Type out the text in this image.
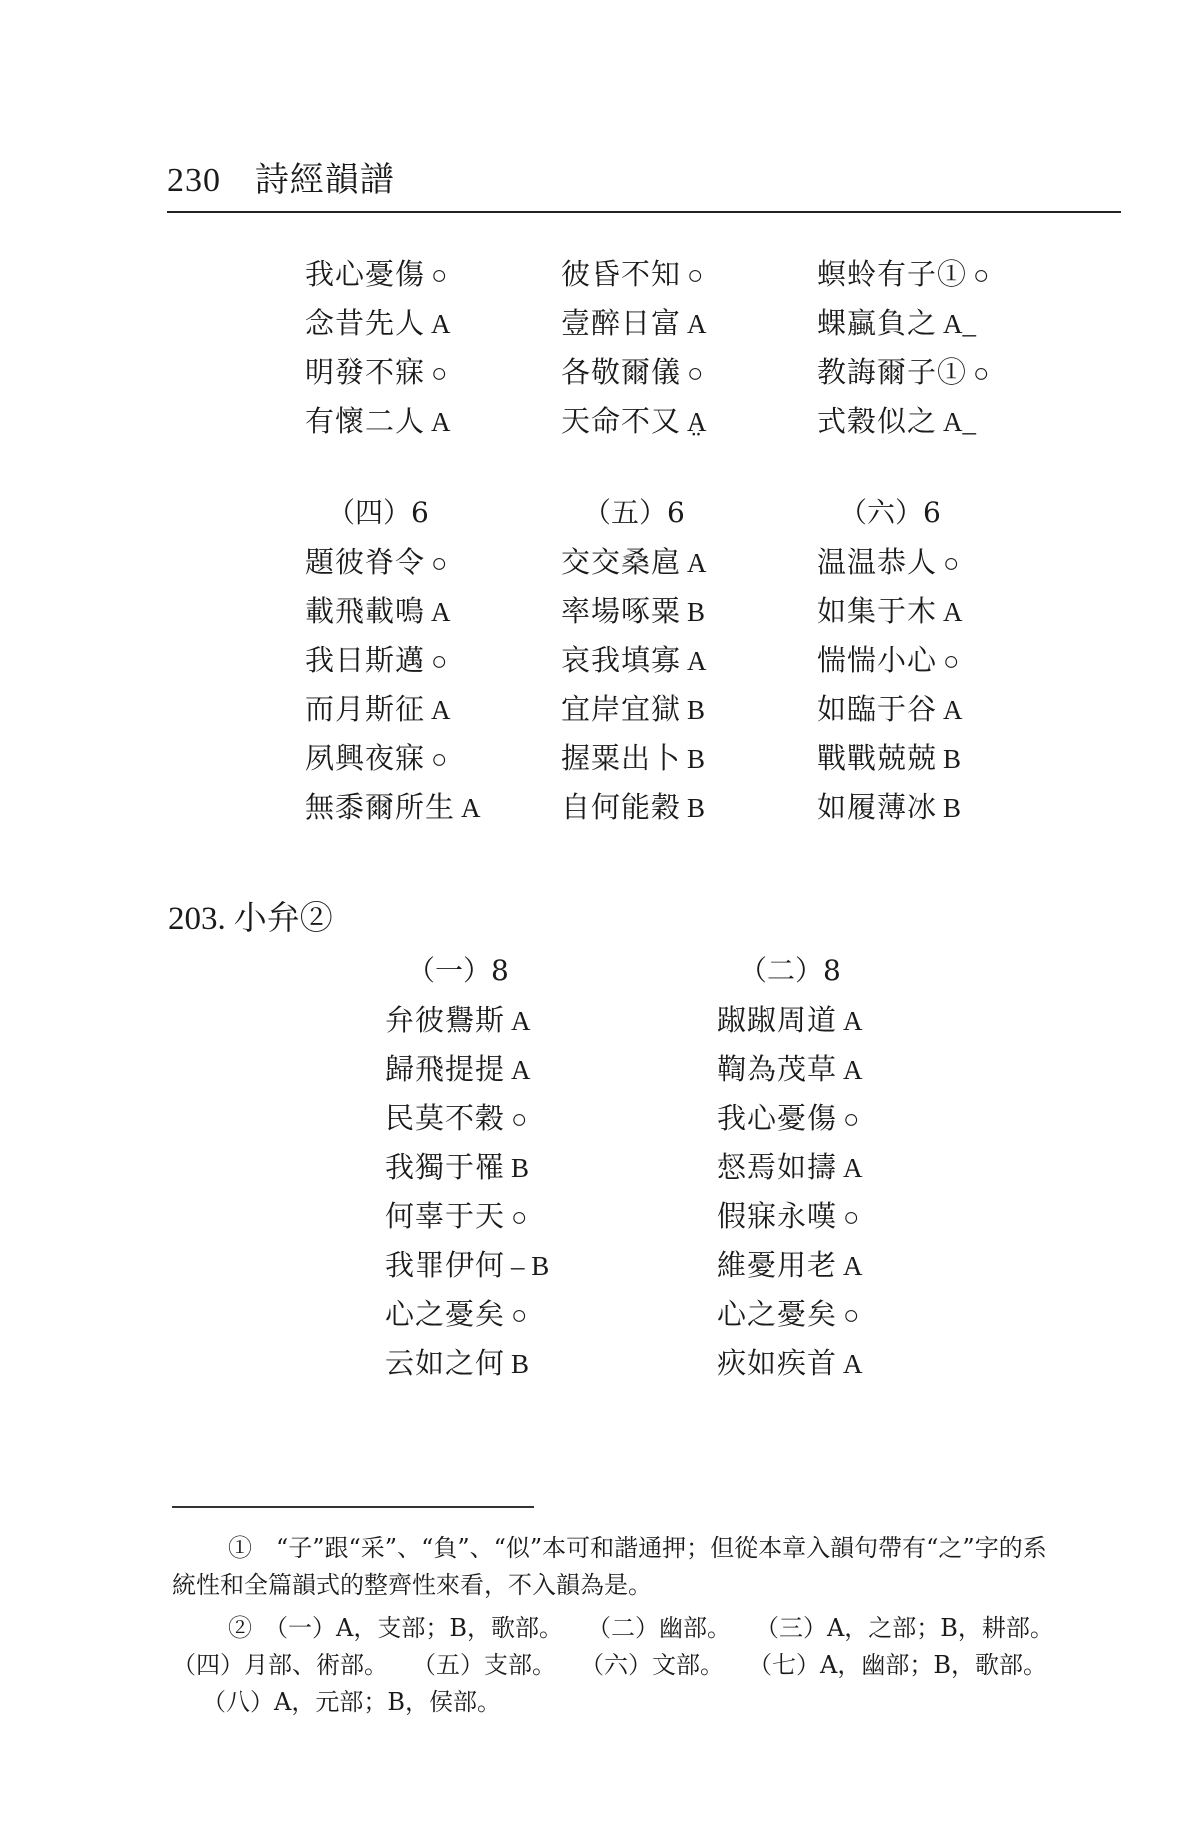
230 詩經韻譜
我心憂傷 ○
念昔先人 A
明發不寐 ○
有懷二人 A
彼昏不知 ○
壹醉日富 A
各敬爾儀 ○
天命不又 A̤
螟蛉有子① ○
蜾蠃負之 A_
教誨爾子① ○
式穀似之 A_
（四）6
題彼脊令 ○
載飛載鳴 A
我日斯邁 ○
而月斯征 A
夙興夜寐 ○
無黍爾所生 A
（五）6
交交桑扈 A
率場啄粟 B
哀我填寡 A
宜岸宜獄 B
握粟出卜 B
自何能穀 B
（六）6
温温恭人 ○
如集于木 A
惴惴小心 ○
如臨于谷 A
戰戰兢兢 B
如履薄冰 B
203. 小弁②
（一）8
弁彼鸒斯 A
歸飛提提 A
民莫不穀 ○
我獨于罹 B
何辜于天 ○
我罪伊何 – B
心之憂矣 ○
云如之何 B
（二）8
踧踧周道 A
鞫為茂草 A
我心憂傷 ○
惄焉如擣 A
假寐永嘆 ○
維憂用老 A
心之憂矣 ○
疢如疾首 A
①　“子”跟“采”、“負”、“似”本可和諧通押；但從本章入韻句帶有“之”字的系
統性和全篇韻式的整齊性來看，不入韻為是。
②　（一）A，支部；B，歌部。　　（二）幽部。　　（三）A，之部；B，耕部。
（四）月部、術部。　　（五）支部。　　（六）文部。　　（七）A，幽部；B，歌部。
（八）A，元部；B，侯部。
